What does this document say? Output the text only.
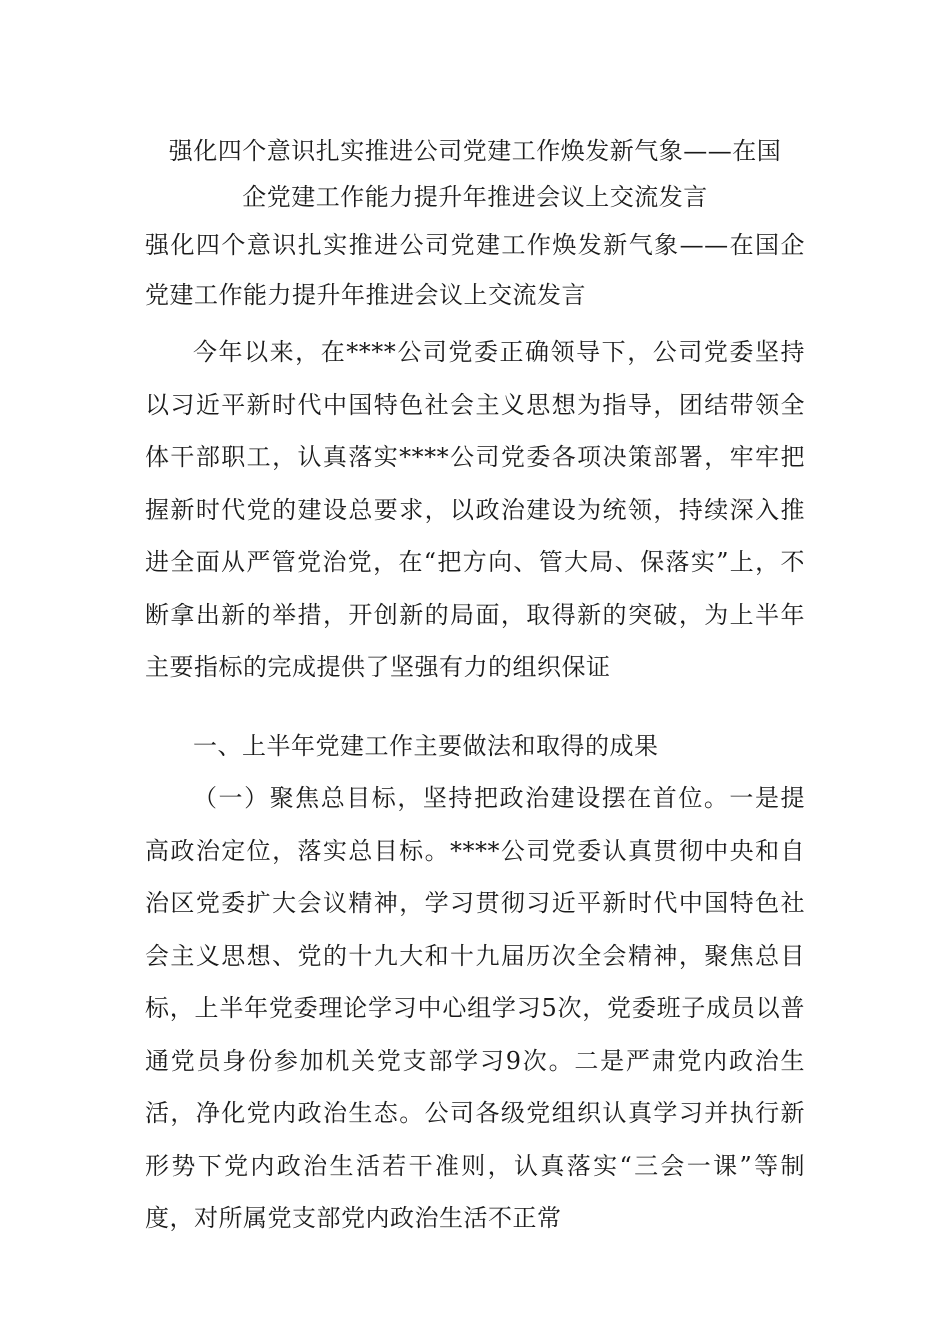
强化四个意识扎实推进公司党建工作焕发新气象——在国
企党建工作能力提升年推进会议上交流发言
强化四个意识扎实推进公司党建工作焕发新气象——在国企党建工作能力提升年推进会议上交流发言
今年以来，在****公司党委正确领导下，公司党委坚持以习近平新时代中国特色社会主义思想为指导，团结带领全体干部职工，认真落实****公司党委各项决策部署，牢牢把握新时代党的建设总要求，以政治建设为统领，持续深入推进全面从严管党治党，在“把方向、管大局、保落实”上，不断拿出新的举措，开创新的局面，取得新的突破，为上半年主要指标的完成提供了坚强有力的组织保证
一、上半年党建工作主要做法和取得的成果
（一）聚焦总目标，坚持把政治建设摆在首位。一是提高政治定位，落实总目标。****公司党委认真贯彻中央和自治区党委扩大会议精神，学习贯彻习近平新时代中国特色社会主义思想、党的十九大和十九届历次全会精神，聚焦总目标，上半年党委理论学习中心组学习5次，党委班子成员以普通党员身份参加机关党支部学习9次。二是严肃党内政治生活，净化党内政治生态。公司各级党组织认真学习并执行新形势下党内政治生活若干准则，认真落实“三会一课”等制度，对所属党支部党内政治生活不正常
